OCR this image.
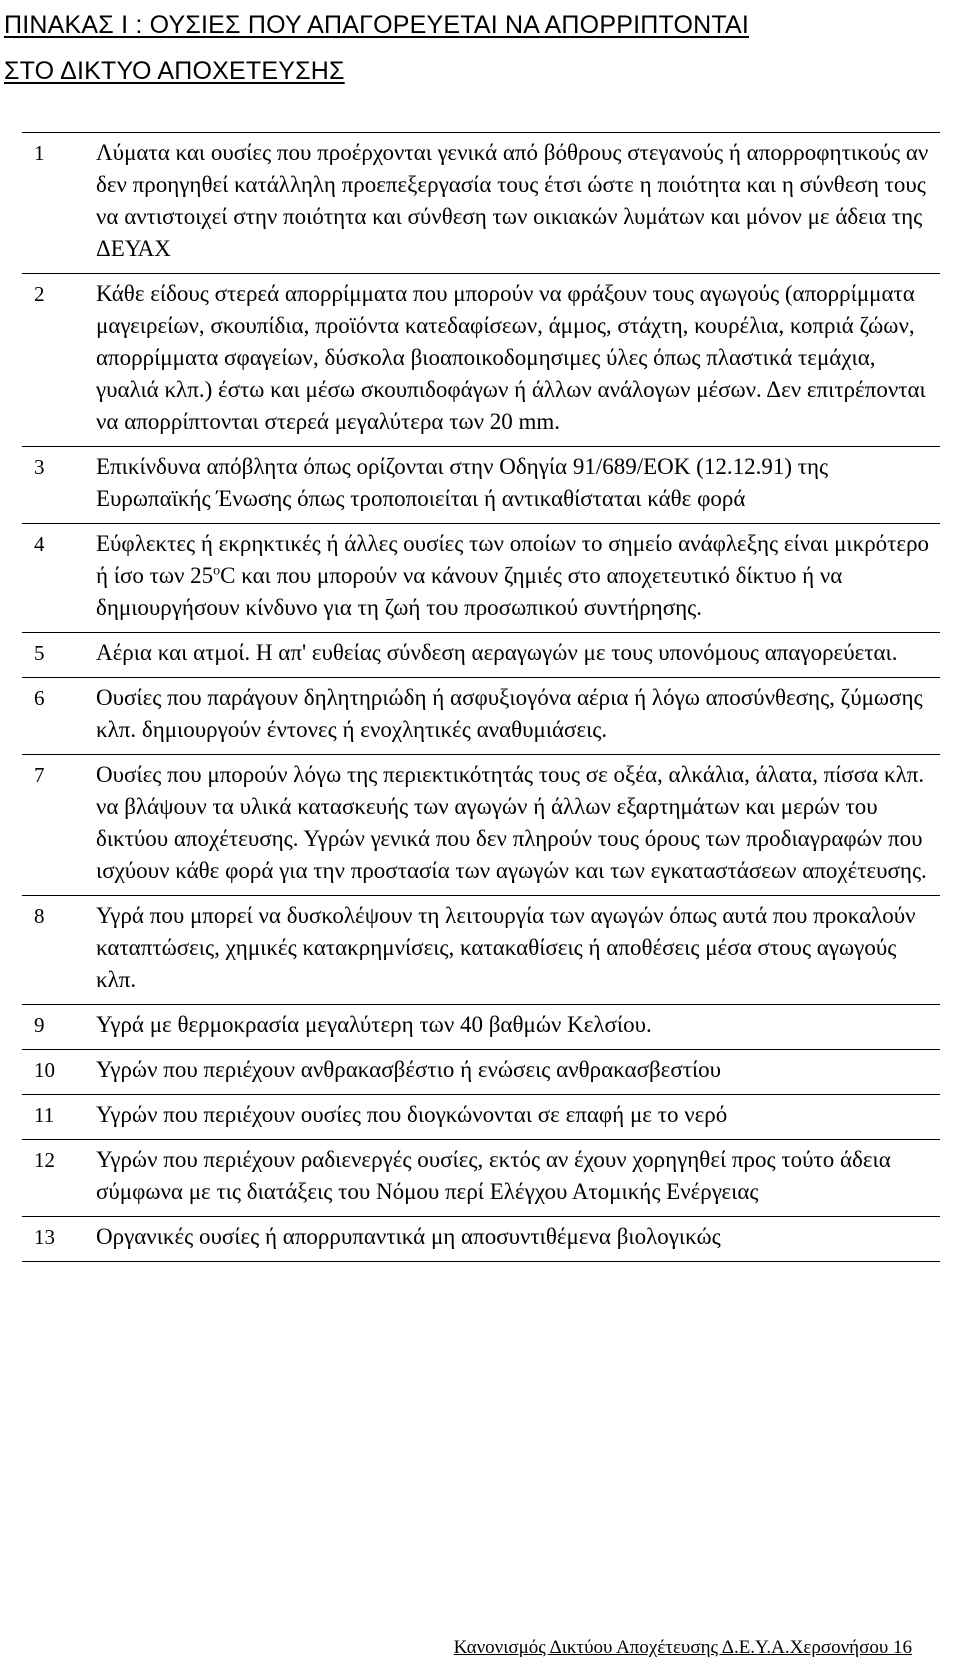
ΠΙΝΑΚΑΣ Ι : ΟΥΣΙΕΣ ΠΟΥ ΑΠΑΓΟΡΕΥΕΤΑΙ ΝΑ ΑΠΟΡΡΙΠΤΟΝΤΑΙ
ΣΤΟ ΔΙΚΤΥΟ ΑΠΟΧΕΤΕΥΣΗΣ
1	Λύματα και ουσίες που προέρχονται γενικά από βόθρους στεγανούς ή απορροφητικούς αν δεν προηγηθεί κατάλληλη προεπεξεργασία τους έτσι ώστε η ποιότητα και η σύνθεση τους να αντιστοιχεί στην ποιότητα και σύνθεση των οικιακών λυμάτων και μόνον με άδεια της ΔΕΥΑΧ
2	Κάθε είδους στερεά απορρίμματα που μπορούν να φράξουν τους αγωγούς (απορρίμματα μαγειρείων, σκουπίδια, προϊόντα κατεδαφίσεων, άμμος, στάχτη, κουρέλια, κοπριά ζώων, απορρίμματα σφαγείων, δύσκολα βιοαποικοδομησιμες ύλες όπως πλαστικά τεμάχια, γυαλιά κλπ.) έστω και μέσω σκουπιδοφάγων ή άλλων ανάλογων μέσων. Δεν επιτρέπονται να απορρίπτονται στερεά μεγαλύτερα των 20 mm.
3	Επικίνδυνα απόβλητα όπως ορίζονται στην Οδηγία 91/689/ΕΟΚ (12.12.91) της Ευρωπαϊκής Ένωσης όπως τροποποιείται ή αντικαθίσταται κάθε φορά
4	Εύφλεκτες ή εκρηκτικές ή άλλες ουσίες των οποίων το σημείο ανάφλεξης είναι μικρότερο ή ίσο των 25$^o$C και που μπορούν να κάνουν ζημιές στο αποχετευτικό δίκτυο ή να δημιουργήσουν κίνδυνο για τη ζωή του προσωπικού συντήρησης.
5	Αέρια και ατμοί. Η απ' ευθείας σύνδεση αεραγωγών με τους υπονόμους απαγορεύεται.
6	Ουσίες που παράγουν δηλητηριώδη ή ασφυξιογόνα αέρια ή λόγω αποσύνθεσης, ζύμωσης κλπ. δημιουργούν έντονες ή ενοχλητικές αναθυμιάσεις.
7	Ουσίες που μπορούν λόγω της περιεκτικότητάς τους σε οξέα, αλκάλια, άλατα, πίσσα κλπ. να βλάψουν τα υλικά κατασκευής των αγωγών ή άλλων εξαρτημάτων και μερών του δικτύου αποχέτευσης. Υγρών γενικά που δεν πληρούν τους όρους των προδιαγραφών που ισχύουν κάθε φορά για την προστασία των αγωγών και των εγκαταστάσεων αποχέτευσης.
8	Υγρά που μπορεί να δυσκολέψουν τη λειτουργία των αγωγών όπως αυτά που προκαλούν καταπτώσεις, χημικές κατακρημνίσεις, κατακαθίσεις ή αποθέσεις μέσα στους αγωγούς κλπ.
9	Υγρά με θερμοκρασία μεγαλύτερη των 40 βαθμών Κελσίου.
10	Υγρών που περιέχουν ανθρακασβέστιο ή ενώσεις ανθρακασβεστίου
11	Υγρών που περιέχουν ουσίες που διογκώνονται σε επαφή με το νερό
12	Υγρών που περιέχουν ραδιενεργές ουσίες, εκτός αν έχουν χορηγηθεί προς τούτο άδεια σύμφωνα με τις διατάξεις του Νόμου περί Ελέγχου Ατομικής Ενέργειας
13	Οργανικές ουσίες ή απορρυπαντικά μη αποσυντιθέμενα βιολογικώς
Κανονισμός Δικτύου Αποχέτευσης Δ.Ε.Υ.Α.Χερσονήσου 16
